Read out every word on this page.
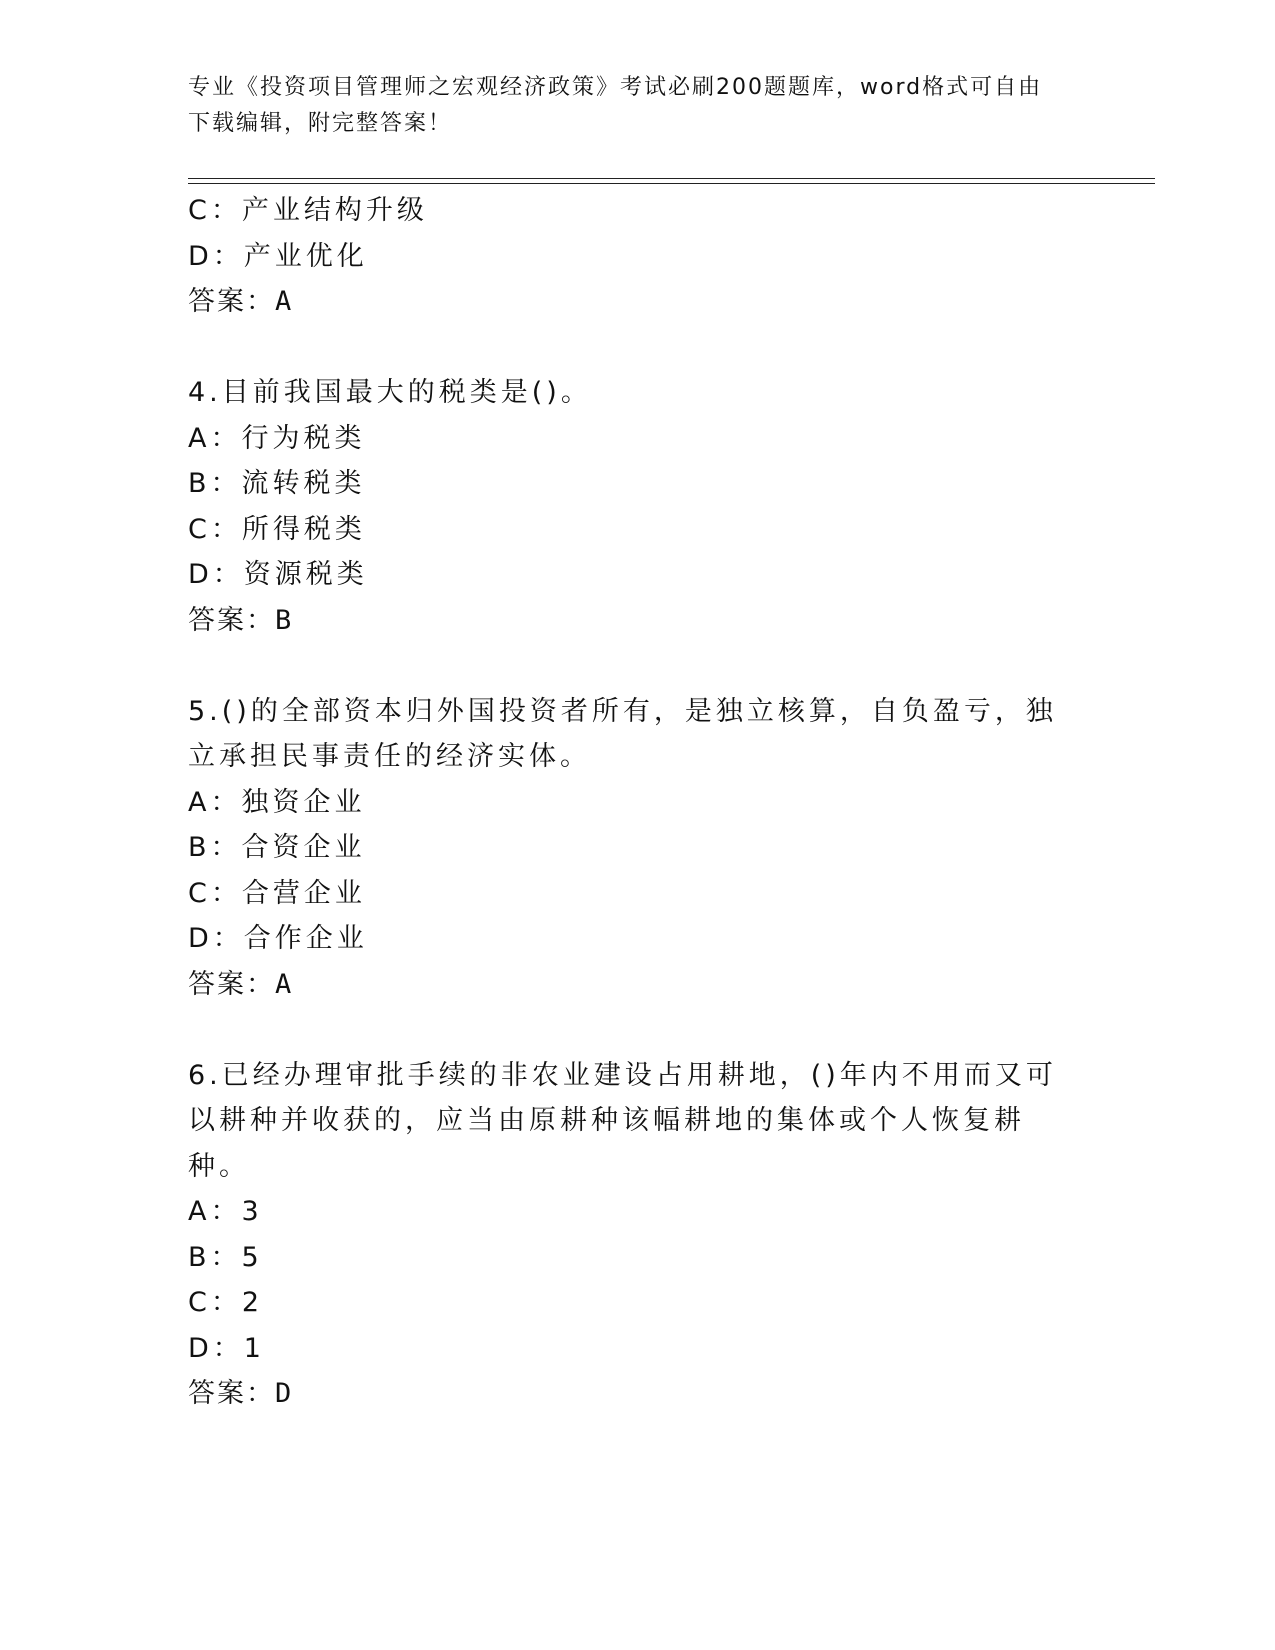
专业《投资项目管理师之宏观经济政策》考试必刷200题题库，word格式可自由
下载编辑，附完整答案！
C：产业结构升级
D：产业优化
答案：A
4.目前我国最大的税类是()。
A：行为税类
B：流转税类
C：所得税类
D：资源税类
答案：B
5.()的全部资本归外国投资者所有，是独立核算，自负盈亏，独立承担民事责任的经济实体。
A：独资企业
B：合资企业
C：合营企业
D：合作企业
答案：A
6.已经办理审批手续的非农业建设占用耕地，()年内不用而又可以耕种并收获的，应当由原耕种该幅耕地的集体或个人恢复耕种。
A：3
B：5
C：2
D：1
答案：D
